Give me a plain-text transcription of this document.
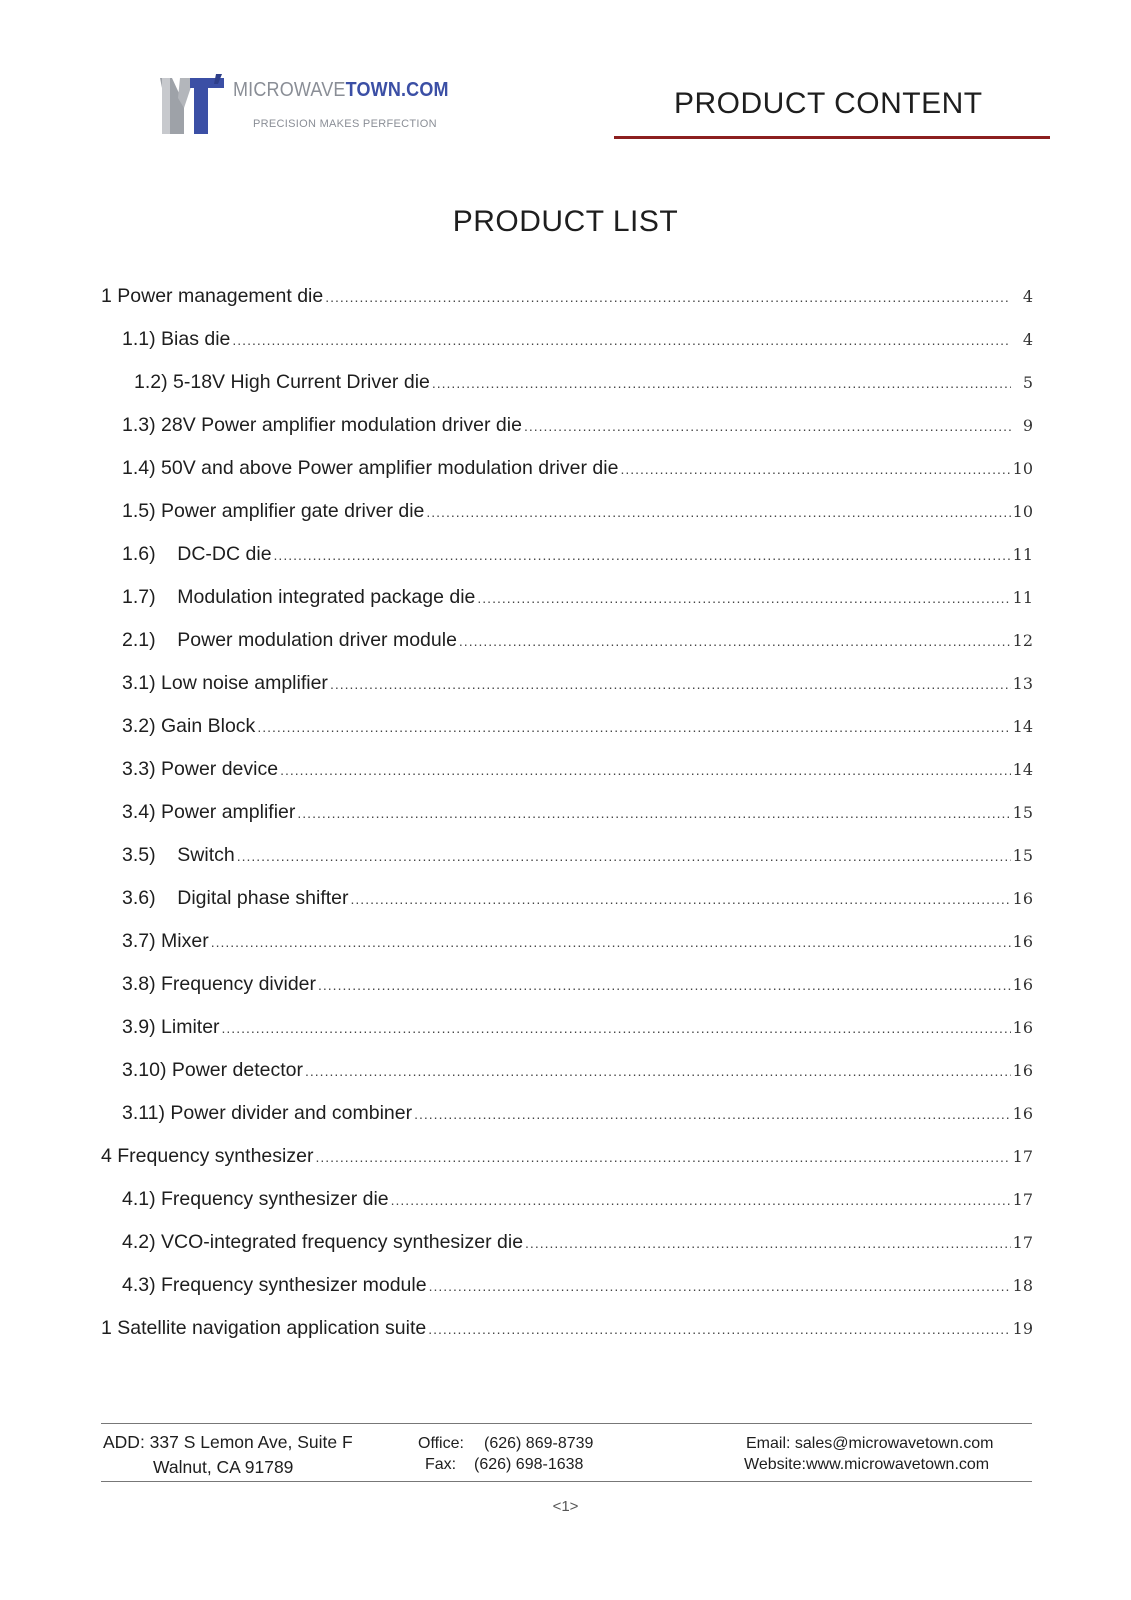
MICROWAVETOWN.COM
PRECISION MAKES PERFECTION
PRODUCT CONTENT
PRODUCT LIST
1 Power management die .....	4
1.1) Bias die .....	4
1.2) 5-18V High Current Driver die .....	5
1.3) 28V Power amplifier modulation driver die .....	9
1.4) 50V and above Power amplifier modulation driver die .....	10
1.5) Power amplifier gate driver die .....	10
1.6)    DC-DC die .....	11
1.7)    Modulation integrated package die .....	11
2.1)    Power modulation driver module .....	12
3.1) Low noise amplifier .....	13
3.2) Gain Block .....	14
3.3) Power device .....	14
3.4) Power amplifier .....	15
3.5)    Switch .....	15
3.6)    Digital phase shifter .....	16
3.7) Mixer .....	16
3.8) Frequency divider .....	16
3.9) Limiter .....	16
3.10) Power detector .....	16
3.11) Power divider and combiner .....	16
4 Frequency synthesizer .....	17
4.1) Frequency synthesizer die .....	17
4.2) VCO-integrated frequency synthesizer die .....	17
4.3) Frequency synthesizer module .....	18
1 Satellite navigation application suite .....	19
ADD: 337 S Lemon Ave, Suite F
Walnut, CA 91789
Office: (626) 869-8739
Fax: (626) 698-1638
Email: sales@microwavetown.com
Website:www.microwavetown.com
<1>
